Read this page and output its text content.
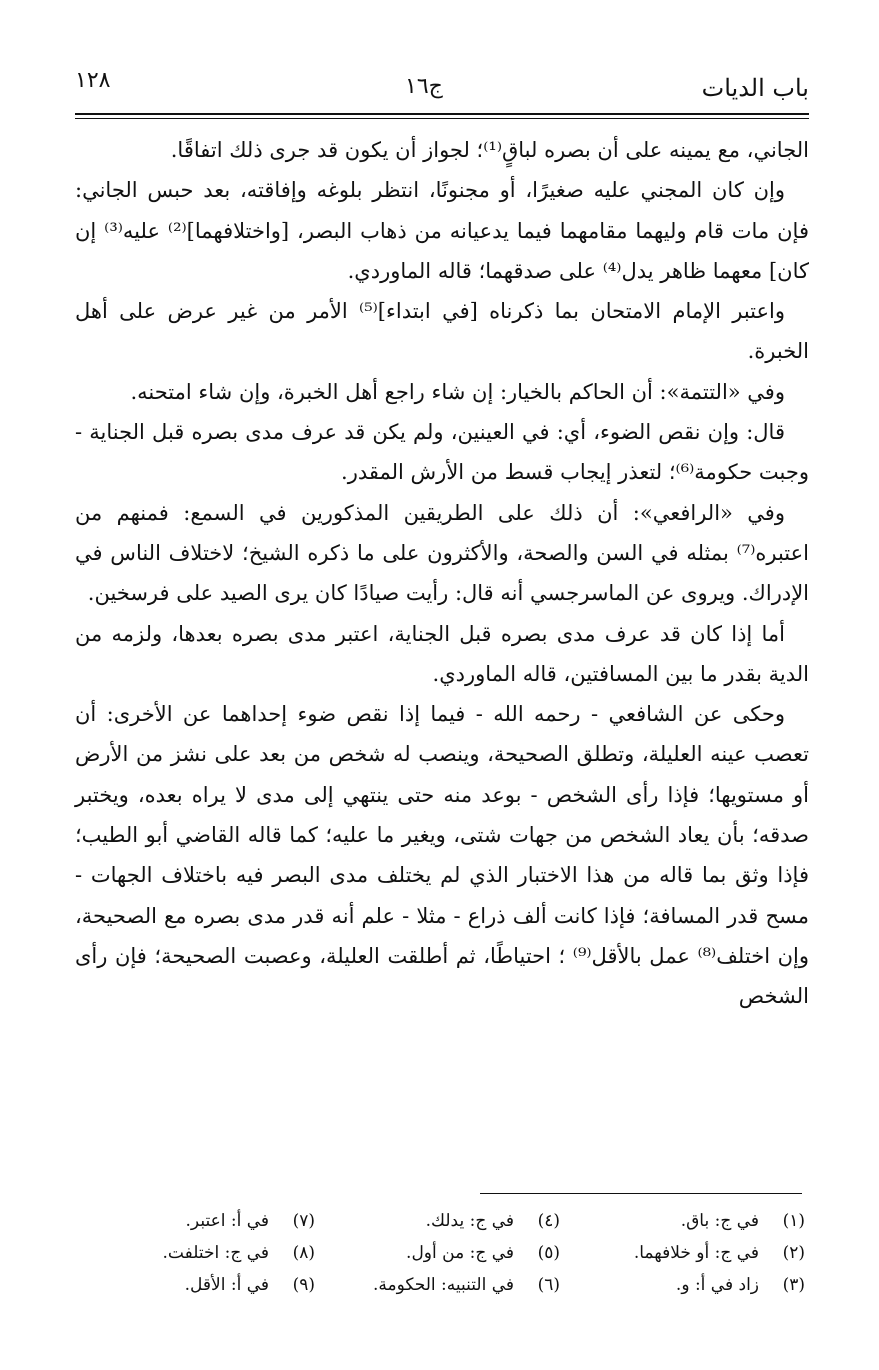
باب الديات
ج١٦
١٢٨

الجاني، مع يمينه على أن بصره لباقٍ⁽¹⁾؛ لجواز أن يكون قد جرى ذلك اتفاقًا.

وإن كان المجني عليه صغيرًا، أو مجنونًا، انتظر بلوغه وإفاقته، بعد حبس الجاني: فإن مات قام وليهما مقامهما فيما يدعيانه من ذهاب البصر، [واختلافهما]⁽²⁾ عليه⁽³⁾ إن كان] معهما ظاهر يدل⁽⁴⁾ على صدقهما؛ قاله الماوردي.

واعتبر الإمام الامتحان بما ذكرناه [في ابتداء]⁽⁵⁾ الأمر من غير عرض على أهل الخبرة.

وفي «التتمة»: أن الحاكم بالخيار: إن شاء راجع أهل الخبرة، وإن شاء امتحنه.

قال: وإن نقص الضوء، أي: في العينين، ولم يكن قد عرف مدى بصره قبل الجناية - وجبت حكومة⁽⁶⁾؛ لتعذر إيجاب قسط من الأرش المقدر.

وفي «الرافعي»: أن ذلك على الطريقين المذكورين في السمع: فمنهم من اعتبره⁽⁷⁾ بمثله في السن والصحة، والأكثرون على ما ذكره الشيخ؛ لاختلاف الناس في الإدراك. ويروى عن الماسرجسي أنه قال: رأيت صيادًا كان يرى الصيد على فرسخين.

أما إذا كان قد عرف مدى بصره قبل الجناية، اعتبر مدى بصره بعدها، ولزمه من الدية بقدر ما بين المسافتين، قاله الماوردي.

وحكى عن الشافعي - رحمه الله - فيما إذا نقص ضوء إحداهما عن الأخرى: أن تعصب عينه العليلة، وتطلق الصحيحة، وينصب له شخص من بعد على نشز من الأرض أو مستويها؛ فإذا رأى الشخص - بوعد منه حتى ينتهي إلى مدى لا يراه بعده، ويختبر صدقه؛ بأن يعاد الشخص من جهات شتى، ويغير ما عليه؛ كما قاله القاضي أبو الطيب؛ فإذا وثق بما قاله من هذا الاختبار الذي لم يختلف مدى البصر فيه باختلاف الجهات - مسح قدر المسافة؛ فإذا كانت ألف ذراع - مثلا - علم أنه قدر مدى بصره مع الصحيحة، وإن اختلف⁽⁸⁾ عمل بالأقل⁽⁹⁾ ؛ احتياطًا، ثم أطلقت العليلة، وعصبت الصحيحة؛ فإن رأى الشخص

(١)في ج: باق.
(٢)في ج: أو خلافهما.
(٣)زاد في أ: و.
(٤)في ج: يدلك.
(٥)في ج: من أول.
(٦)في التنبيه: الحكومة.
(٧)في أ: اعتبر.
(٨)في ج: اختلفت.
(٩)في أ: الأقل.
